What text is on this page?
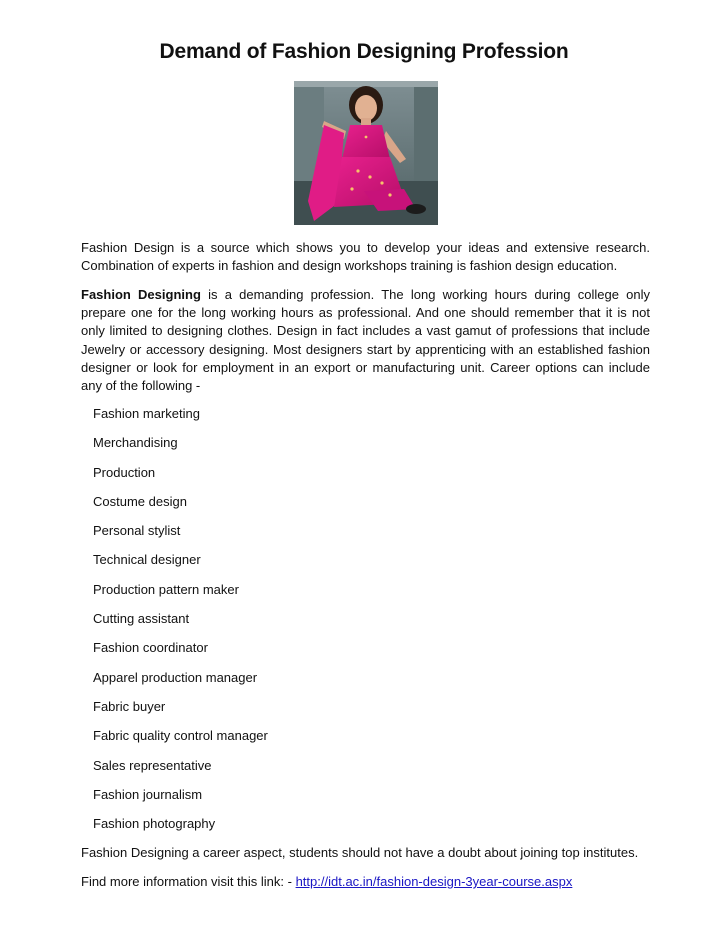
Demand of Fashion Designing Profession
Fashion Design is a source which shows you to develop your ideas and extensive research. Combination of experts in fashion and design workshops training is fashion design education.
Fashion Designing is a demanding profession. The long working hours during college only prepare one for the long working hours as professional. And one should remember that it is not only limited to designing clothes. Design in fact includes a vast gamut of professions that include Jewelry or accessory designing. Most designers start by apprenticing with an established fashion designer or look for employment in an export or manufacturing unit. Career options can include any of the following -
Fashion marketing
Merchandising
Production
Costume design
Personal stylist
Technical designer
Production pattern maker
Cutting assistant
Fashion coordinator
Apparel production manager
Fabric buyer
Fabric quality control manager
Sales representative
Fashion journalism
Fashion photography
Fashion Designing a career aspect, students should not have a doubt about joining top institutes.
Find more information visit this link: - http://idt.ac.in/fashion-design-3year-course.aspx
